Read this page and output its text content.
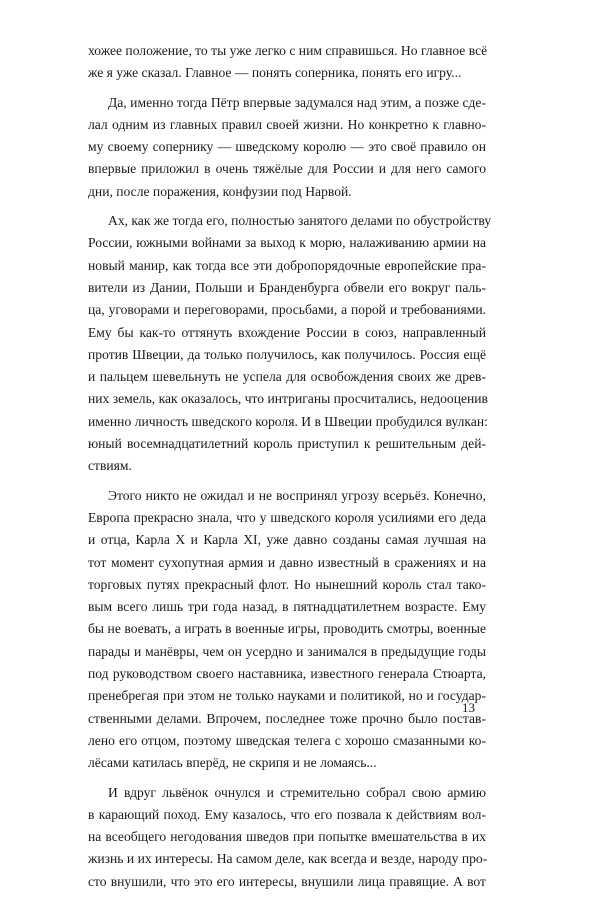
хожее положение, то ты уже легко с ним справишься. Но главное всё
же я уже сказал. Главное — понять соперника, понять его игру...
Да, именно тогда Пётр впервые задумался над этим, а позже сде-
лал одним из главных правил своей жизни. Но конкретно к главно-
му своему сопернику — шведскому королю — это своё правило он
впервые приложил в очень тяжёлые для России и для него самого
дни, после поражения, конфузии под Нарвой.
Ах, как же тогда его, полностью занятого делами по обустройству
России, южными войнами за выход к морю, налаживанию армии на
новый манир, как тогда все эти добропорядочные европейские пра-
вители из Дании, Польши и Бранденбурга обвели его вокруг паль-
ца, уговорами и переговорами, просьбами, а порой и требованиями.
Ему бы как-то оттянуть вхождение России в союз, направленный
против Швеции, да только получилось, как получилось. Россия ещё
и пальцем шевельнуть не успела для освобождения своих же древ-
них земель, как оказалось, что интриганы просчитались, недооценив
именно личность шведского короля. И в Швеции пробудился вулкан:
юный восемнадцатилетний король приступил к решительным дей-
ствиям.
Этого никто не ожидал и не воспринял угрозу всерьёз. Конечно,
Европа прекрасно знала, что у шведского короля усилиями его деда
и отца, Карла X и Карла XI, уже давно созданы самая лучшая на
тот момент сухопутная армия и давно известный в сражениях и на
торговых путях прекрасный флот. Но нынешний король стал тако-
вым всего лишь три года назад, в пятнадцатилетнем возрасте. Ему
бы не воевать, а играть в военные игры, проводить смотры, военные
парады и манёвры, чем он усердно и занимался в предыдущие годы
под руководством своего наставника, известного генерала Стюарта,
пренебрегая при этом не только науками и политикой, но и государ-
ственными делами. Впрочем, последнее тоже прочно было постав-
лено его отцом, поэтому шведская телега с хорошо смазанными ко-
лёсами катилась вперёд, не скрипя и не ломаясь...
И вдруг львёнок очнулся и стремительно собрал свою армию
в карающий поход. Ему казалось, что его позвала к действиям вол-
на всеобщего негодования шведов при попытке вмешательства в их
жизнь и их интересы. На самом деле, как всегда и везде, народу про-
сто внушили, что это его интересы, внушили лица правящие. А вот
13
